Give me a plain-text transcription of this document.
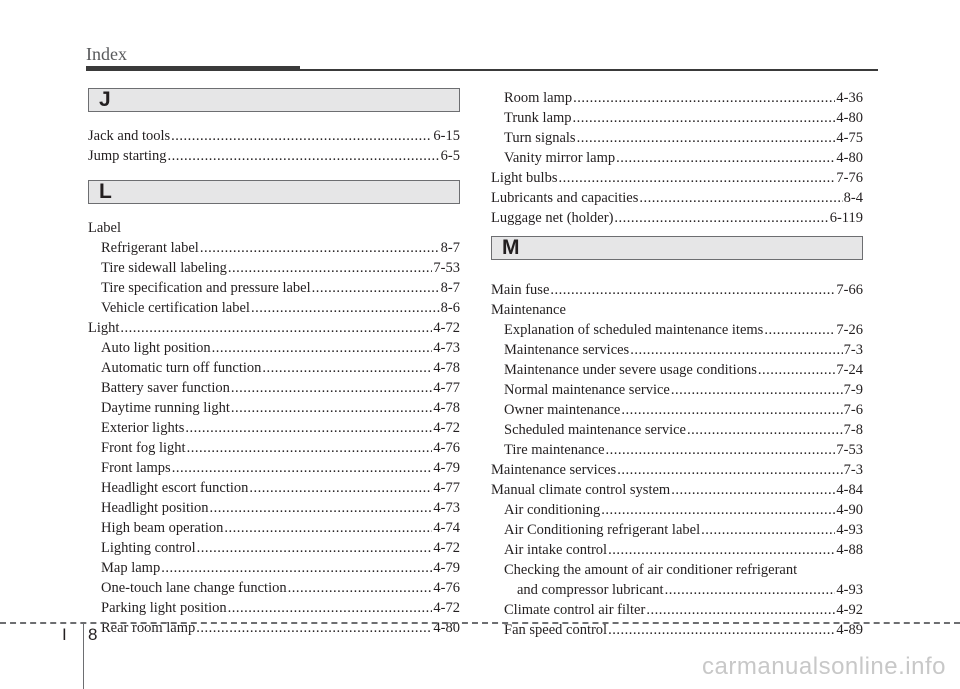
Index
J
Jack and tools .....	6-15
Jump starting .....	6-5
L
Label
Refrigerant label .....	8-7
Tire sidewall labeling .....	7-53
Tire specification and pressure label .....	8-7
Vehicle certification label .....	8-6
Light .....	4-72
Auto light position .....	4-73
Automatic turn off function .....	4-78
Battery saver function .....	4-77
Daytime running light .....	4-78
Exterior lights .....	4-72
Front fog light .....	4-76
Front lamps .....	4-79
Headlight escort function .....	4-77
Headlight position .....	4-73
High beam operation .....	4-74
Lighting control .....	4-72
Map lamp .....	4-79
One-touch lane change function .....	4-76
Parking light position .....	4-72
Rear room lamp .....	4-80
Room lamp .....	4-36
Trunk lamp .....	4-80
Turn signals .....	4-75
Vanity mirror lamp .....	4-80
Light bulbs .....	7-76
Lubricants and capacities .....	8-4
Luggage net (holder) .....	6-119
M
Main fuse .....	7-66
Maintenance
Explanation of scheduled maintenance items .....	7-26
Maintenance services .....	7-3
Maintenance under severe usage conditions .....	7-24
Normal maintenance service .....	7-9
Owner maintenance .....	7-6
Scheduled maintenance service .....	7-8
Tire maintenance .....	7-53
Maintenance services .....	7-3
Manual climate control system .....	4-84
Air conditioning .....	4-90
Air Conditioning refrigerant label .....	4-93
Air intake control .....	4-88
Checking the amount of air conditioner refrigerant
and compressor lubricant .....	4-93
Climate control air filter .....	4-92
Fan speed control .....	4-89
I 8
carmanualsonline.info
